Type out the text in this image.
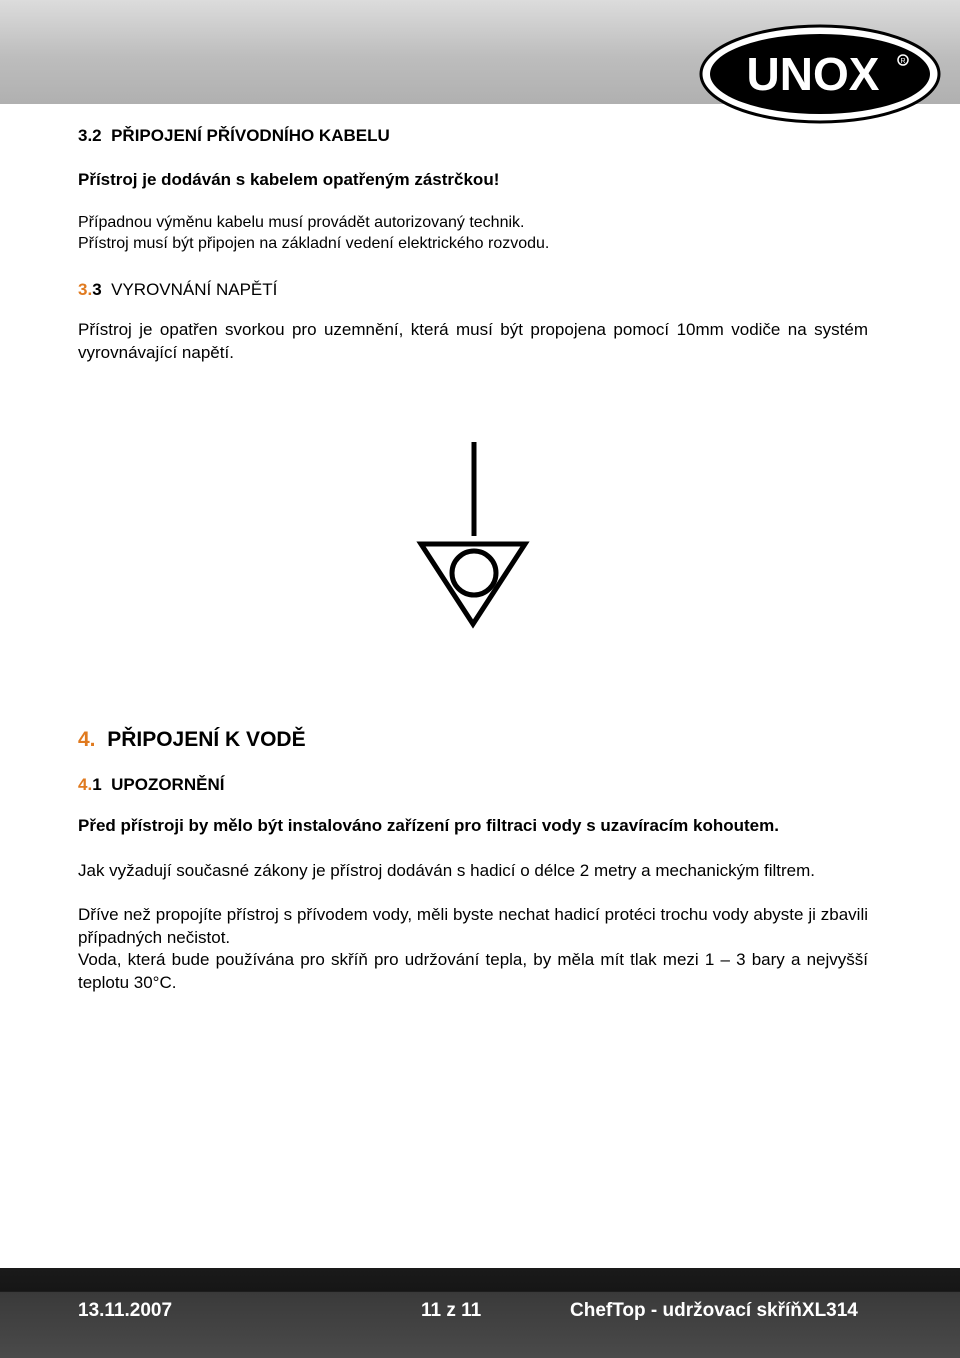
UNOX	R

3.2 PŘIPOJENÍ PŘÍVODNÍHO KABELU

Přístroj je dodáván s kabelem opatřeným zástrčkou!

Případnou výměnu kabelu musí provádět autorizovaný technik.

Přístroj musí být připojen na základní vedení elektrického rozvodu.

3.3 VYROVNÁNÍ NAPĚTÍ

Přístroj je opatřen svorkou pro uzemnění, která musí být propojena pomocí 10mm vodiče na systém vyrovnávající napětí.

4. PŘIPOJENÍ K VODĚ

4.1 UPOZORNĚNÍ

Před přístroji by mělo být instalováno zařízení pro filtraci vody s uzavíracím kohoutem.

Jak vyžadují současné zákony je přístroj dodáván s hadicí o délce 2 metry a mechanickým filtrem.

Dříve než propojíte přístroj s přívodem vody, měli byste nechat hadicí protéci trochu vody abyste ji zbavili případných nečistot.

Voda, která bude používána pro skříň pro udržování tepla, by měla mít tlak mezi 1 – 3 bary a nejvyšší teplotu 30°C.

13.11.2007	11 z 11	ChefTop - udržovací skříňXL314
